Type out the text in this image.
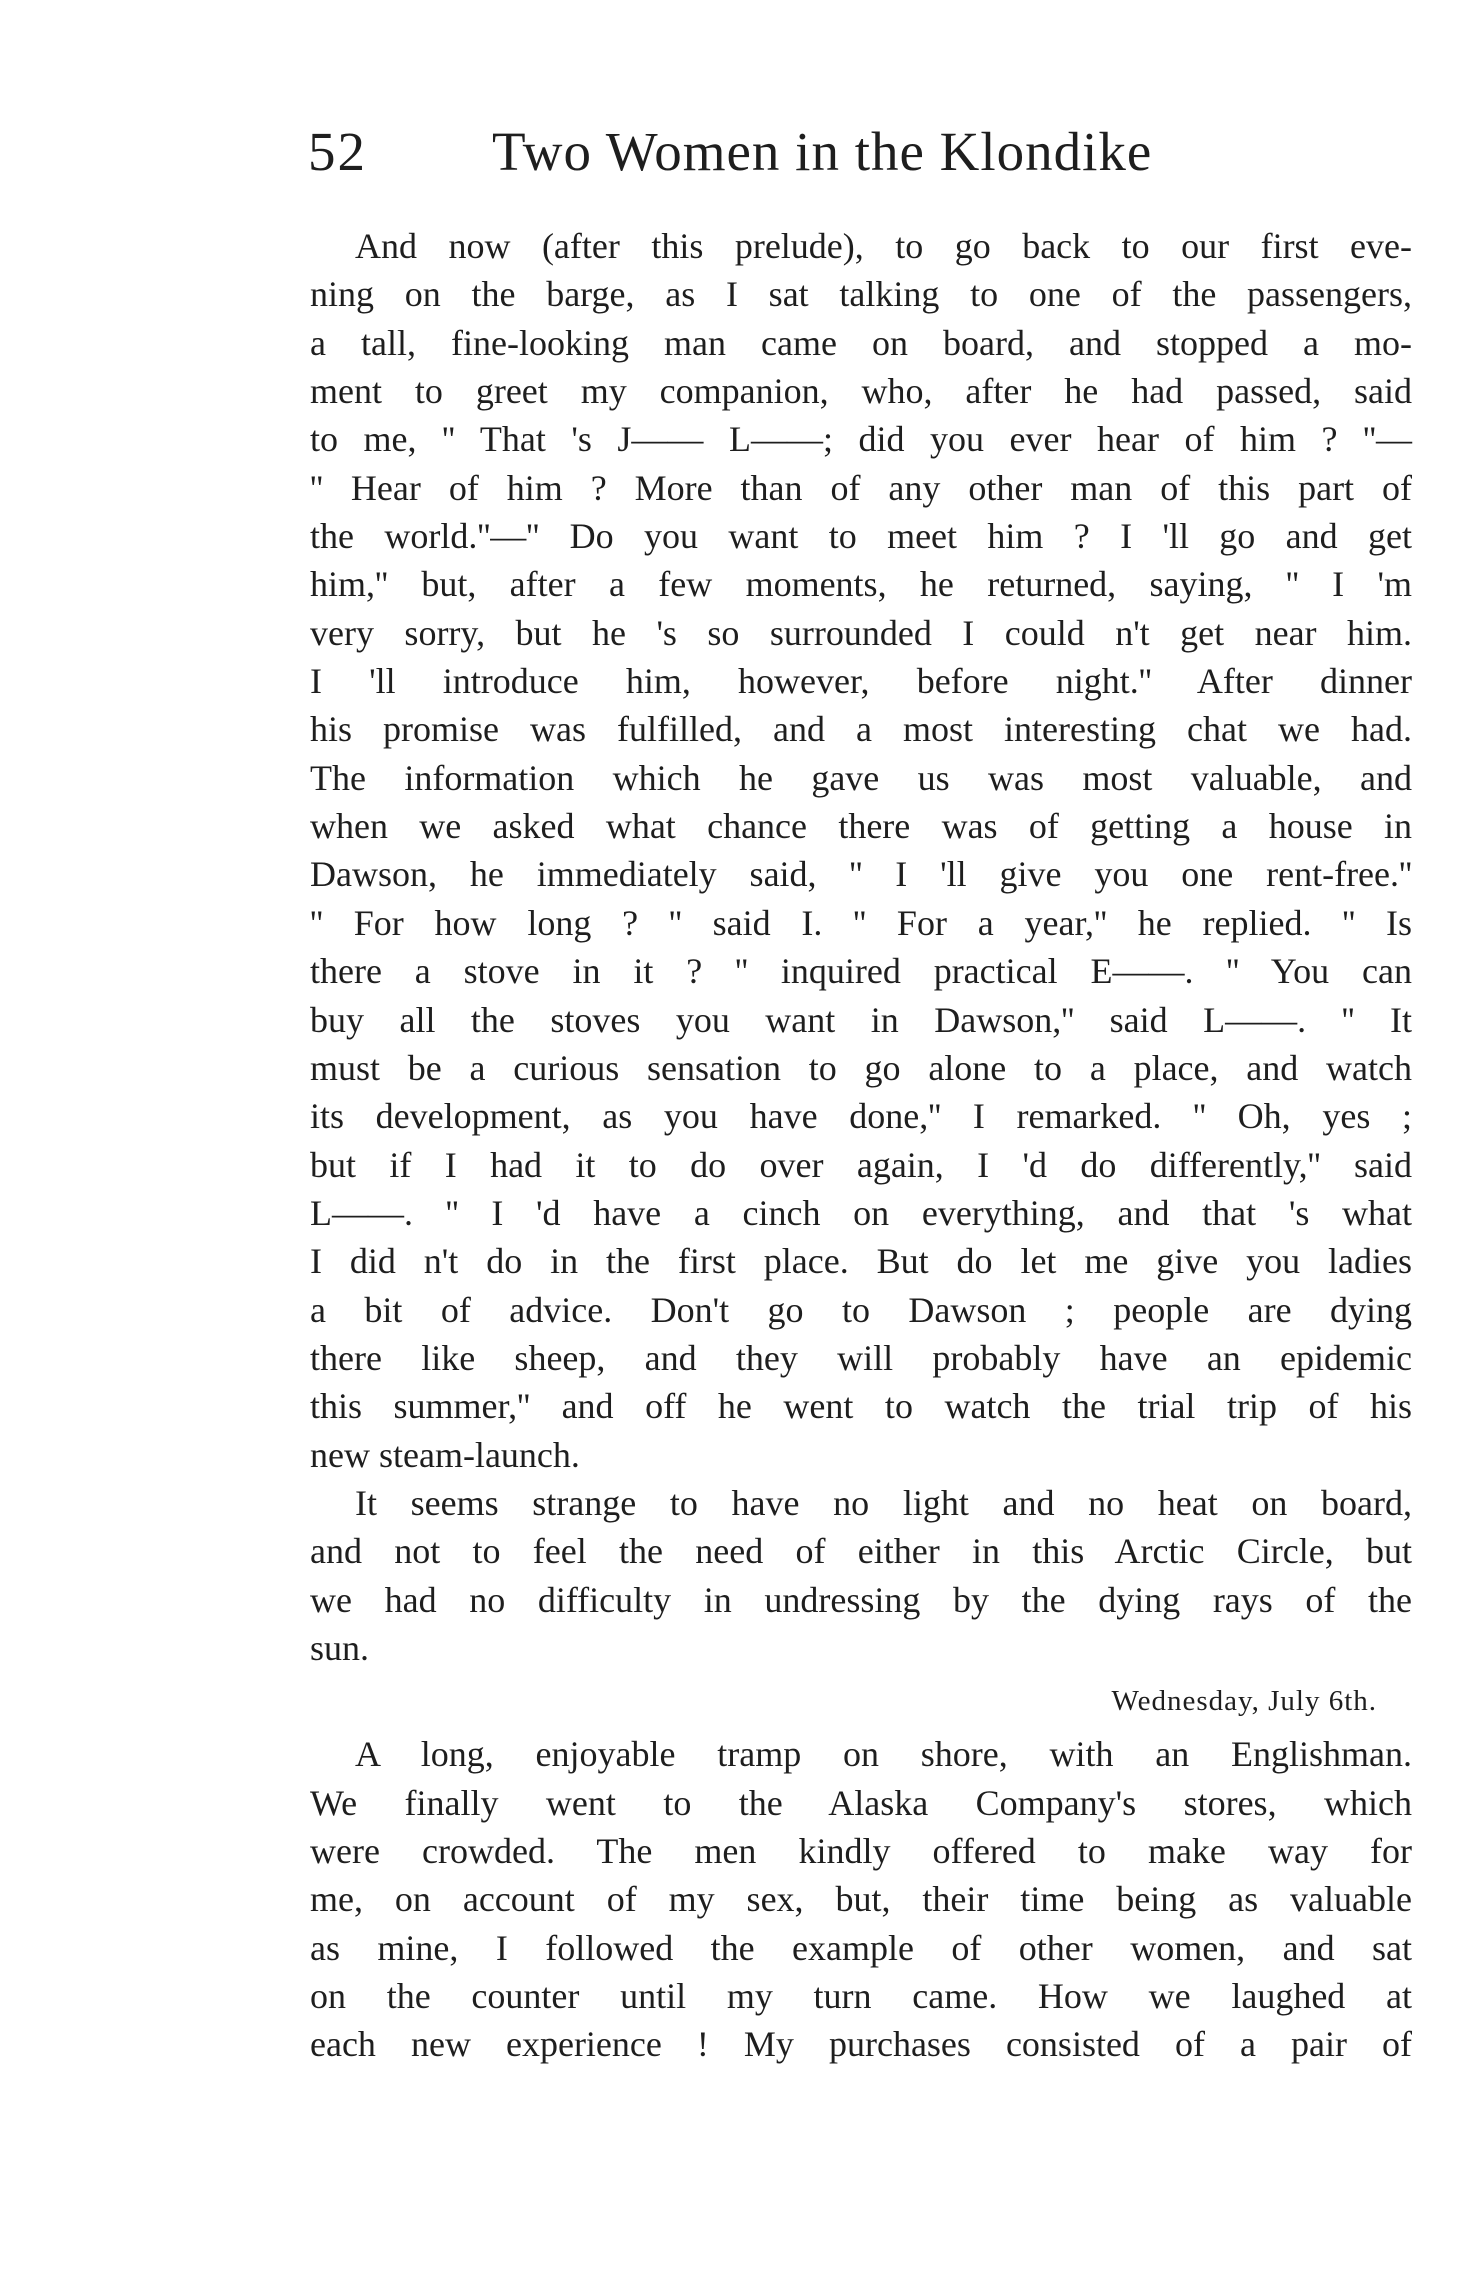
52 Two Women in the Klondike
And now (after this prelude), to go back to our first eve-
ning on the barge, as I sat talking to one of the passengers,
a tall, fine-looking man came on board, and stopped a mo-
ment to greet my companion, who, after he had passed, said
to me, '' That 's J—— L——; did you ever hear of him ? ''—
'' Hear of him ? More than of any other man of this part of
the world.''—'' Do you want to meet him ? I 'll go and get
him,'' but, after a few moments, he returned, saying, '' I 'm
very sorry, but he 's so surrounded I could n't get near him.
I 'll introduce him, however, before night.'' After dinner
his promise was fulfilled, and a most interesting chat we had.
The information which he gave us was most valuable, and
when we asked what chance there was of getting a house in
Dawson, he immediately said, '' I 'll give you one rent-free.''
'' For how long ? '' said I. '' For a year,'' he replied. '' Is
there a stove in it ? '' inquired practical E——. '' You can
buy all the stoves you want in Dawson,'' said L——. '' It
must be a curious sensation to go alone to a place, and watch
its development, as you have done,'' I remarked. '' Oh, yes ;
but if I had it to do over again, I 'd do differently,'' said
L——. '' I 'd have a cinch on everything, and that 's what
I did n't do in the first place. But do let me give you ladies
a bit of advice. Don't go to Dawson ; people are dying
there like sheep, and they will probably have an epidemic
this summer,'' and off he went to watch the trial trip of his
new steam-launch.
It seems strange to have no light and no heat on board,
and not to feel the need of either in this Arctic Circle, but
we had no difficulty in undressing by the dying rays of the
sun.
Wednesday, July 6th.
A long, enjoyable tramp on shore, with an Englishman.
We finally went to the Alaska Company's stores, which
were crowded. The men kindly offered to make way for
me, on account of my sex, but, their time being as valuable
as mine, I followed the example of other women, and sat
on the counter until my turn came. How we laughed at
each new experience ! My purchases consisted of a pair of
